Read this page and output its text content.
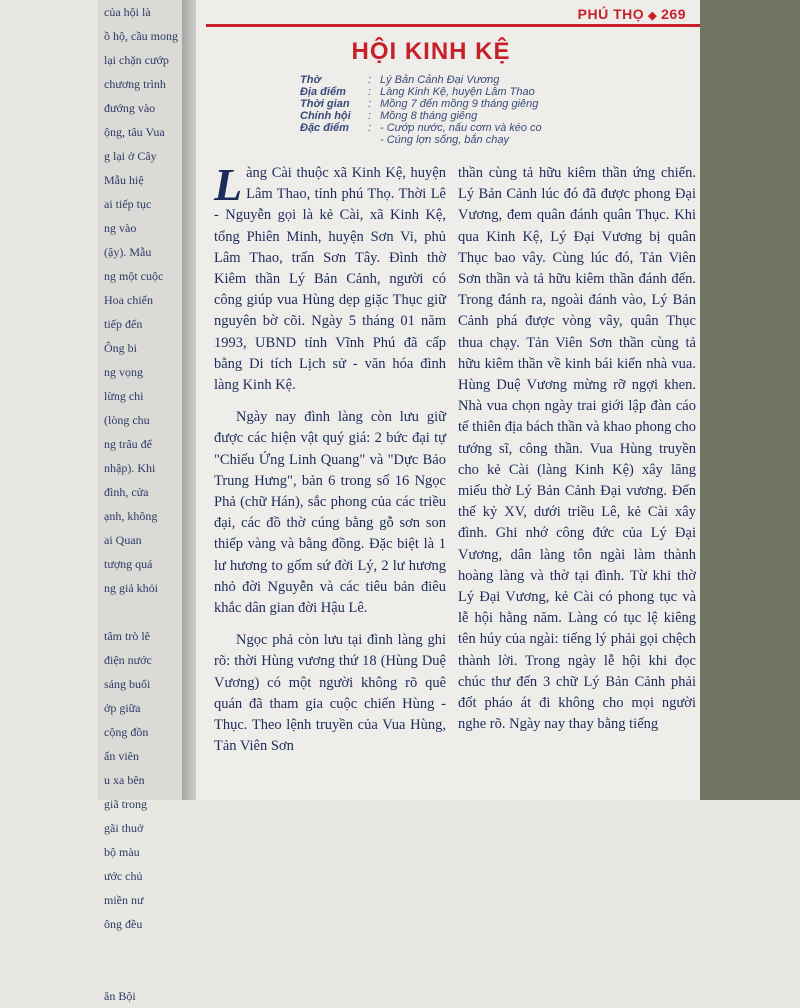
của hội là
ồ hộ, cầu mong
lại chặn cướp
chương trình
đướng vào
ộng, tâu Vua
g lại ở Cây
Mẫu hiệ
ai tiếp tục
ng vào
(ậy). Mẫu
ng một cuộc
Hoa chiến
tiếp đến
Ông bi
ng vọng
lừng chi
(lòng chu
ng trâu để
nhập). Khi
đình, cửa
ạnh, không
ai Quan
tượng quá
ng giả khỏi

tâm trò lê
điện nước
sáng buổi
ởp giữa
cộng đồn
ấn viên
u xa bên
giã trong
gãi thuở
bộ màu
ước chủ
miền nư
ông đều

ăn Bội
PHÚ THỌ ◆ 269
HỘI KINH KỆ
Thờ	: Lý Bản Cảnh Đại Vương
Địa điểm	: Làng Kinh Kệ, huyện Lâm Thao
Thời gian	: Mồng 7 đến mồng 9 tháng giêng
Chính hội	: Mồng 8 tháng giêng
Đặc điểm	: - Cướp nước, nấu cơm và kéo co
- Cúng lợn sống, bắn chạy

Làng Cài thuộc xã Kinh Kệ, huyện Lâm Thao, tỉnh phú Thọ. Thời Lê - Nguyễn gọi là kẻ Cài, xã Kinh Kệ, tổng Phiên Minh, huyện Sơn Vi, phủ Lâm Thao, trấn Sơn Tây. Đình thờ Kiêm thần Lý Bản Cảnh, người có công giúp vua Hùng dẹp giặc Thục giữ nguyên bờ cõi. Ngày 5 tháng 01 năm 1993, UBND tỉnh Vĩnh Phú đã cấp bằng Di tích Lịch sử - văn hóa đình làng Kinh Kệ.

Ngày nay đình làng còn lưu giữ được các hiện vật quý giá: 2 bức đại tự "Chiếu Ứng Linh Quang" và "Dực Bảo Trung Hưng", bản 6 trong số 16 Ngọc Phả (chữ Hán), sắc phong của các triều đại, các đồ thờ cúng bằng gỗ sơn son thiếp vàng và bằng đồng. Đặc biệt là 1 lư hương to gốm sứ đời Lý, 2 lư hương nhỏ đời Nguyễn và các tiêu bản điêu khắc dân gian đời Hậu Lê.

Ngọc phả còn lưu tại đình làng ghi rõ: thời Hùng vương thứ 18 (Hùng Duệ Vương) có một người không rõ quê quán đã tham gia cuộc chiến Hùng - Thục. Theo lệnh truyền của Vua Hùng, Tản Viên Sơn

thần cùng tả hữu kiêm thần ứng chiến. Lý Bản Cảnh lúc đó đã được phong Đại Vương, đem quân đánh quân Thục. Khi qua Kinh Kệ, Lý Đại Vương bị quân Thục bao vây. Cùng lúc đó, Tản Viên Sơn thần và tả hữu kiêm thần đánh đến. Trong đánh ra, ngoài đánh vào, Lý Bản Cảnh phá được vòng vây, quân Thục thua chạy. Tản Viên Sơn thần cùng tả hữu kiêm thần về kinh bái kiến nhà vua. Hùng Duệ Vương mừng rỡ ngợi khen. Nhà vua chọn ngày trai giới lập đàn cáo tế thiên địa bách thần và khao phong cho tướng sĩ, công thần. Vua Hùng truyền cho kẻ Cài (làng Kinh Kệ) xây lăng miếu thờ Lý Bản Cảnh Đại vương. Đến thế kỷ XV, dưới triều Lê, kẻ Cài xây đình. Ghi nhớ công đức của Lý Đại Vương, dân làng tôn ngài làm thành hoàng làng và thờ tại đình. Từ khi thờ Lý Đại Vương, kẻ Cài có phong tục và lễ hội hằng năm. Làng có tục lệ kiêng tên húy của ngài: tiếng lý phải gọi chệch thành lời. Trong ngày lễ hội khi đọc chúc thư đến 3 chữ Lý Bản Cảnh phải đốt pháo át đi không cho mọi người nghe rõ. Ngày nay thay bằng tiếng
